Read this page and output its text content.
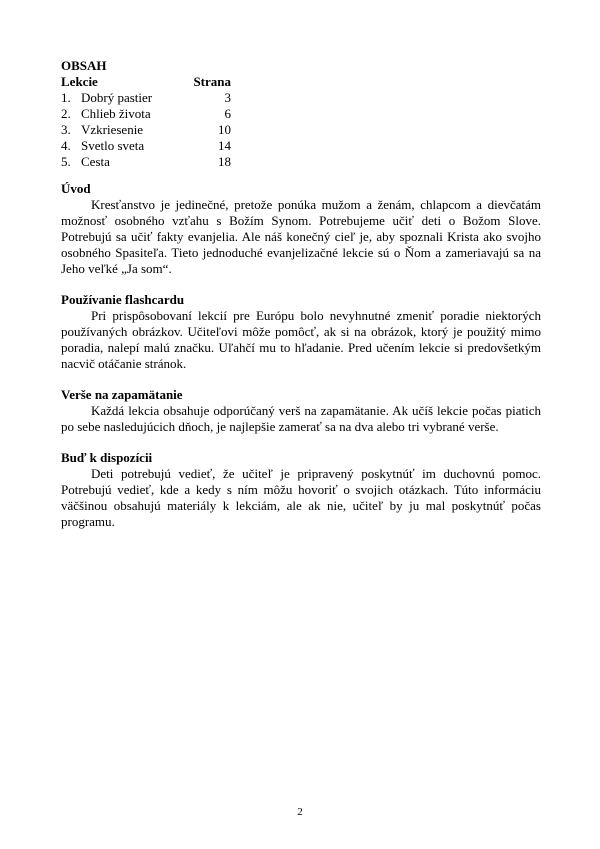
OBSAH
Lekcie	Strana
1. Dobrý pastier	3
2. Chlieb života	6
3. Vzkriesenie	10
4. Svetlo sveta	14
5. Cesta	18
Úvod

Kresťanstvo je jedinečné, pretože ponúka mužom a ženám, chlapcom a dievčatám možnosť osobného vzťahu s Božím Synom. Potrebujeme učiť deti o Božom Slove. Potrebujú sa učiť fakty evanjelia. Ale náš konečný cieľ je, aby spoznali Krista ako svojho osobného Spasiteľa. Tieto jednoduché evanjelizačné lekcie sú o Ňom a zameriavajú sa na Jeho veľké „Ja som“.

Používanie flashcardu

Pri prispôsobovaní lekcií pre Európu bolo nevyhnutné zmeniť poradie niektorých používaných obrázkov. Učiteľovi môže pomôcť, ak si na obrázok, ktorý je použitý mimo poradia, nalepí malú značku. Uľahčí mu to hľadanie. Pred učením lekcie si predovšetkým nacvič otáčanie stránok.

Verše na zapamätanie

Každá lekcia obsahuje odporúčaný verš na zapamätanie. Ak učíš lekcie počas piatich po sebe nasledujúcich dňoch, je najlepšie zamerať sa na dva alebo tri vybrané verše.

Buď k dispozícii

Deti potrebujú vedieť, že učiteľ je pripravený poskytnúť im duchovnú pomoc. Potrebujú vedieť, kde a kedy s ním môžu hovoriť o svojich otázkach. Túto informáciu väčšinou obsahujú materiály k lekciám, ale ak nie, učiteľ by ju mal poskytnúť počas programu.

2
